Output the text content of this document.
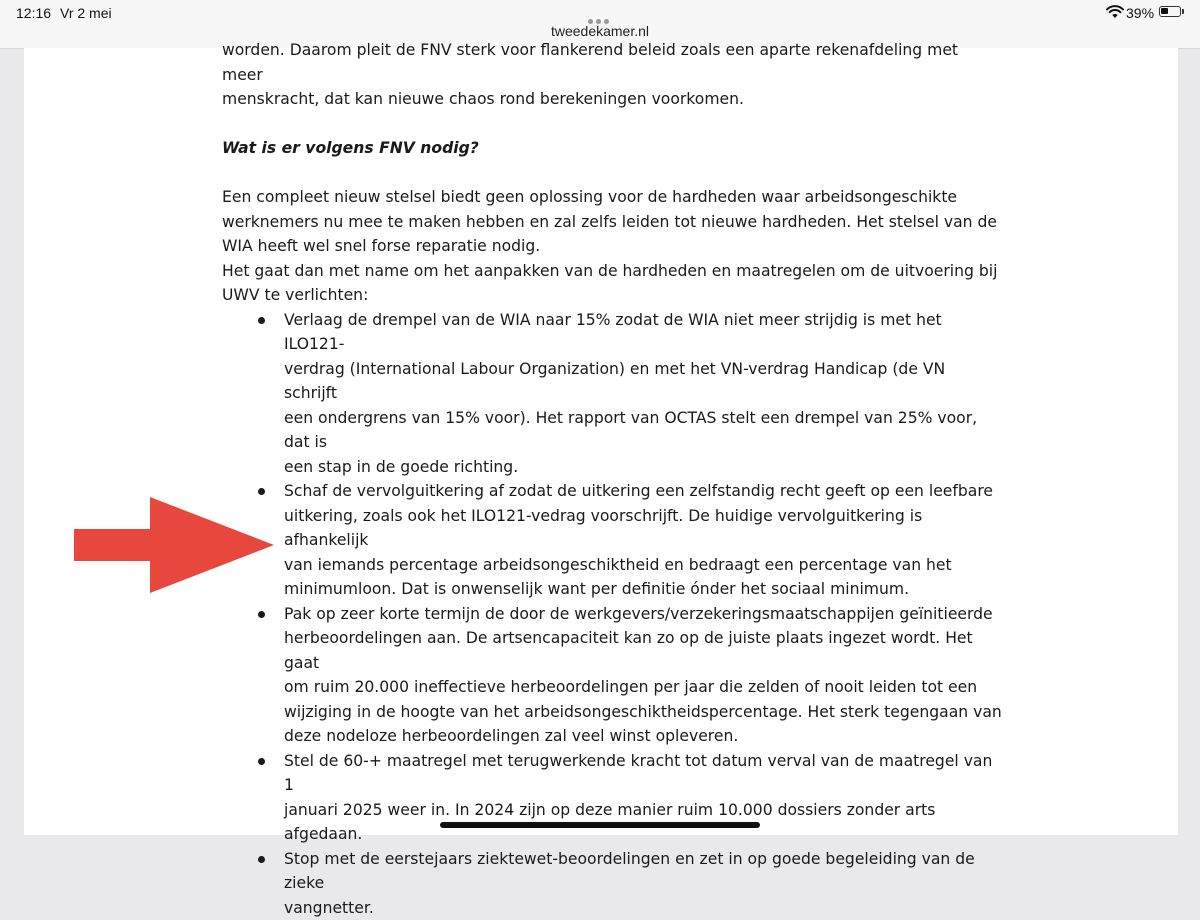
12:16 Vr 2 mei
tweedekamer.nl
39%

worden. Daarom pleit de FNV sterk voor flankerend beleid zoals een aparte rekenafdeling met meer
menskracht, dat kan nieuwe chaos rond berekeningen voorkomen.

Wat is er volgens FNV nodig?

Een compleet nieuw stelsel biedt geen oplossing voor de hardheden waar arbeidsongeschikte
werknemers nu mee te maken hebben en zal zelfs leiden tot nieuwe hardheden. Het stelsel van de
WIA heeft wel snel forse reparatie nodig.

Het gaat dan met name om het aanpakken van de hardheden en maatregelen om de uitvoering bij
UWV te verlichten:

Verlaag de drempel van de WIA naar 15% zodat de WIA niet meer strijdig is met het ILO121-
verdrag (International Labour Organization) en met het VN-verdrag Handicap (de VN schrijft
een ondergrens van 15% voor). Het rapport van OCTAS stelt een drempel van 25% voor, dat is
een stap in de goede richting.
Schaf de vervolguitkering af zodat de uitkering een zelfstandig recht geeft op een leefbare
uitkering, zoals ook het ILO121-vedrag voorschrijft. De huidige vervolguitkering is afhankelijk
van iemands percentage arbeidsongeschiktheid en bedraagt een percentage van het
minimumloon. Dat is onwenselijk want per definitie ónder het sociaal minimum.
Pak op zeer korte termijn de door de werkgevers/verzekeringsmaatschappijen geïnitieerde
herbeoordelingen aan. De artsencapaciteit kan zo op de juiste plaats ingezet wordt. Het gaat
om ruim 20.000 ineffectieve herbeoordelingen per jaar die zelden of nooit leiden tot een
wijziging in de hoogte van het arbeidsongeschiktheidspercentage. Het sterk tegengaan van
deze nodeloze herbeoordelingen zal veel winst opleveren.
Stel de 60-+ maatregel met terugwerkende kracht tot datum verval van de maatregel van 1
januari 2025 weer in. In 2024 zijn op deze manier ruim 10.000 dossiers zonder arts afgedaan.
Stop met de eerstejaars ziektewet-beoordelingen en zet in op goede begeleiding van de zieke
vangnetter.
